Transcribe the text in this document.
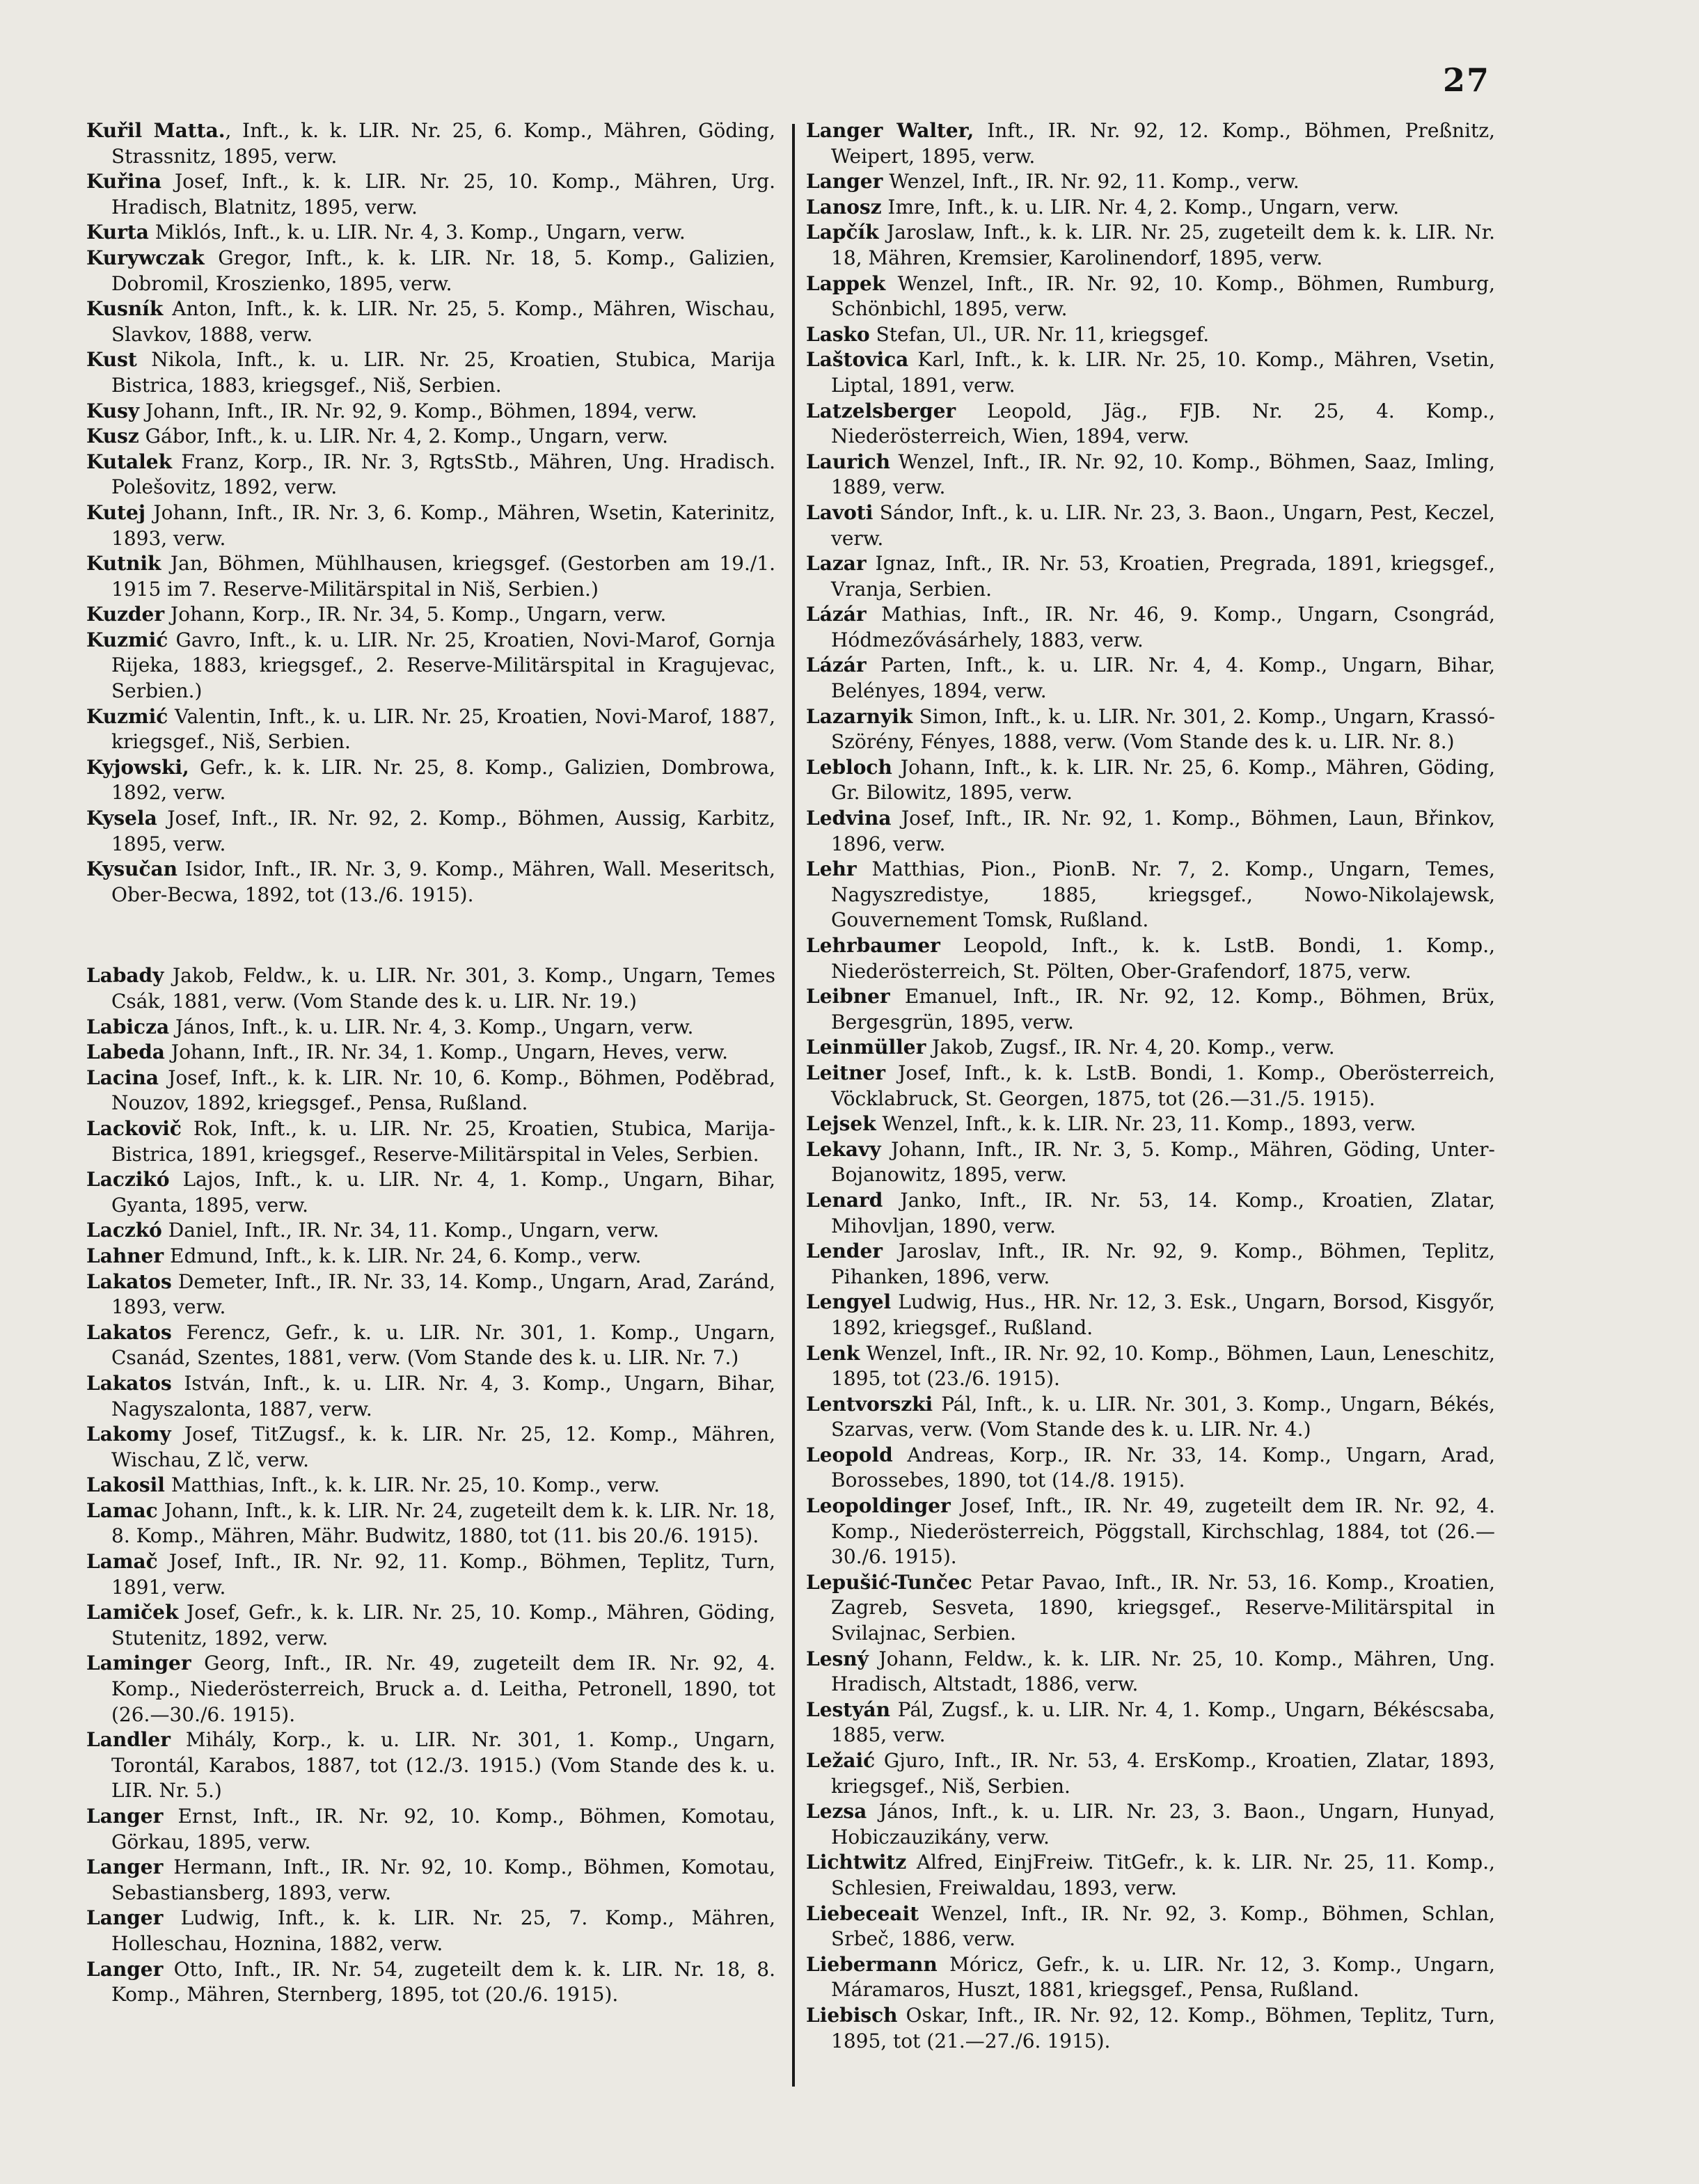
27
Kuřil Matta., Inft., k. k. LIR. Nr. 25, 6. Komp., Mähren, Göding, Strassnitz, 1895, verw.
Kuřina Josef, Inft., k. k. LIR. Nr. 25, 10. Komp., Mähren, Urg. Hradisch, Blatnitz, 1895, verw.
Kurta Miklós, Inft., k. u. LIR. Nr. 4, 3. Komp., Ungarn, verw.
Kurywczak Gregor, Inft., k. k. LIR. Nr. 18, 5. Komp., Galizien, Dobromil, Kroszienko, 1895, verw.
Kusník Anton, Inft., k. k. LIR. Nr. 25, 5. Komp., Mähren, Wischau, Slavkov, 1888, verw.
Kust Nikola, Inft., k. u. LIR. Nr. 25, Kroatien, Stubica, Marija Bistrica, 1883, kriegsgef., Niš, Serbien.
Kusy Johann, Inft., IR. Nr. 92, 9. Komp., Böhmen, 1894, verw.
Kusz Gábor, Inft., k. u. LIR. Nr. 4, 2. Komp., Ungarn, verw.
Kutalek Franz, Korp., IR. Nr. 3, RgtsStb., Mähren, Ung. Hradisch. Polešovitz, 1892, verw.
Kutej Johann, Inft., IR. Nr. 3, 6. Komp., Mähren, Wsetin, Katerinitz, 1893, verw.
Kutnik Jan, Böhmen, Mühlhausen, kriegsgef. (Gestorben am 19./1. 1915 im 7. Reserve-Militärspital in Niš, Serbien.)
Kuzder Johann, Korp., IR. Nr. 34, 5. Komp., Ungarn, verw.
Kuzmić Gavro, Inft., k. u. LIR. Nr. 25, Kroatien, Novi-Marof, Gornja Rijeka, 1883, kriegsgef., 2. Reserve-Militärspital in Kragujevac, Serbien.)
Kuzmić Valentin, Inft., k. u. LIR. Nr. 25, Kroatien, Novi-Marof, 1887, kriegsgef., Niš, Serbien.
Kyjowski, Gefr., k. k. LIR. Nr. 25, 8. Komp., Galizien, Dombrowa, 1892, verw.
Kysela Josef, Inft., IR. Nr. 92, 2. Komp., Böhmen, Aussig, Karbitz, 1895, verw.
Kysučan Isidor, Inft., IR. Nr. 3, 9. Komp., Mähren, Wall. Meseritsch, Ober-Becwa, 1892, tot (13./6. 1915).
Labady Jakob, Feldw., k. u. LIR. Nr. 301, 3. Komp., Ungarn, Temes Csák, 1881, verw. (Vom Stande des k. u. LIR. Nr. 19.)
Labicza János, Inft., k. u. LIR. Nr. 4, 3. Komp., Ungarn, verw.
Labeda Johann, Inft., IR. Nr. 34, 1. Komp., Ungarn, Heves, verw.
Lacina Josef, Inft., k. k. LIR. Nr. 10, 6. Komp., Böhmen, Poděbrad, Nouzov, 1892, kriegsgef., Pensa, Rußland.
Lackovič Rok, Inft., k. u. LIR. Nr. 25, Kroatien, Stubica, Marija-Bistrica, 1891, kriegsgef., Reserve-Militärspital in Veles, Serbien.
Laczikó Lajos, Inft., k. u. LIR. Nr. 4, 1. Komp., Ungarn, Bihar, Gyanta, 1895, verw.
Laczkó Daniel, Inft., IR. Nr. 34, 11. Komp., Ungarn, verw.
Lahner Edmund, Inft., k. k. LIR. Nr. 24, 6. Komp., verw.
Lakatos Demeter, Inft., IR. Nr. 33, 14. Komp., Ungarn, Arad, Zaránd, 1893, verw.
Lakatos Ferencz, Gefr., k. u. LIR. Nr. 301, 1. Komp., Ungarn, Csanád, Szentes, 1881, verw. (Vom Stande des k. u. LIR. Nr. 7.)
Lakatos István, Inft., k. u. LIR. Nr. 4, 3. Komp., Ungarn, Bihar, Nagyszalonta, 1887, verw.
Lakomy Josef, TitZugsf., k. k. LIR. Nr. 25, 12. Komp., Mähren, Wischau, Z lč, verw.
Lakosil Matthias, Inft., k. k. LIR. Nr. 25, 10. Komp., verw.
Lamac Johann, Inft., k. k. LIR. Nr. 24, zugeteilt dem k. k. LIR. Nr. 18, 8. Komp., Mähren, Mähr. Budwitz, 1880, tot (11. bis 20./6. 1915).
Lamač Josef, Inft., IR. Nr. 92, 11. Komp., Böhmen, Teplitz, Turn, 1891, verw.
Lamiček Josef, Gefr., k. k. LIR. Nr. 25, 10. Komp., Mähren, Göding, Stutenitz, 1892, verw.
Laminger Georg, Inft., IR. Nr. 49, zugeteilt dem IR. Nr. 92, 4. Komp., Niederösterreich, Bruck a. d. Leitha, Petronell, 1890, tot (26.—30./6. 1915).
Landler Mihály, Korp., k. u. LIR. Nr. 301, 1. Komp., Ungarn, Torontál, Karabos, 1887, tot (12./3. 1915.) (Vom Stande des k. u. LIR. Nr. 5.)
Langer Ernst, Inft., IR. Nr. 92, 10. Komp., Böhmen, Komotau, Görkau, 1895, verw.
Langer Hermann, Inft., IR. Nr. 92, 10. Komp., Böhmen, Komotau, Sebastiansberg, 1893, verw.
Langer Ludwig, Inft., k. k. LIR. Nr. 25, 7. Komp., Mähren, Holleschau, Hoznina, 1882, verw.
Langer Otto, Inft., IR. Nr. 54, zugeteilt dem k. k. LIR. Nr. 18, 8. Komp., Mähren, Sternberg, 1895, tot (20./6. 1915).
Langer Walter, Inft., IR. Nr. 92, 12. Komp., Böhmen, Preßnitz, Weipert, 1895, verw.
Langer Wenzel, Inft., IR. Nr. 92, 11. Komp., verw.
Lanosz Imre, Inft., k. u. LIR. Nr. 4, 2. Komp., Ungarn, verw.
Lapčík Jaroslaw, Inft., k. k. LIR. Nr. 25, zugeteilt dem k. k. LIR. Nr. 18, Mähren, Kremsier, Karolinendorf, 1895, verw.
Lappek Wenzel, Inft., IR. Nr. 92, 10. Komp., Böhmen, Rumburg, Schönbichl, 1895, verw.
Lasko Stefan, Ul., UR. Nr. 11, kriegsgef.
Laštovica Karl, Inft., k. k. LIR. Nr. 25, 10. Komp., Mähren, Vsetin, Liptal, 1891, verw.
Latzelsberger Leopold, Jäg., FJB. Nr. 25, 4. Komp., Niederösterreich, Wien, 1894, verw.
Laurich Wenzel, Inft., IR. Nr. 92, 10. Komp., Böhmen, Saaz, Imling, 1889, verw.
Lavoti Sándor, Inft., k. u. LIR. Nr. 23, 3. Baon., Ungarn, Pest, Keczel, verw.
Lazar Ignaz, Inft., IR. Nr. 53, Kroatien, Pregrada, 1891, kriegsgef., Vranja, Serbien.
Lázár Mathias, Inft., IR. Nr. 46, 9. Komp., Ungarn, Csongrád, Hódmezővásárhely, 1883, verw.
Lázár Parten, Inft., k. u. LIR. Nr. 4, 4. Komp., Ungarn, Bihar, Belényes, 1894, verw.
Lazarnyik Simon, Inft., k. u. LIR. Nr. 301, 2. Komp., Ungarn, Krassó-Szörény, Fényes, 1888, verw. (Vom Stande des k. u. LIR. Nr. 8.)
Lebloch Johann, Inft., k. k. LIR. Nr. 25, 6. Komp., Mähren, Göding, Gr. Bilowitz, 1895, verw.
Ledvina Josef, Inft., IR. Nr. 92, 1. Komp., Böhmen, Laun, Břinkov, 1896, verw.
Lehr Matthias, Pion., PionB. Nr. 7, 2. Komp., Ungarn, Temes, Nagyszredistye, 1885, kriegsgef., Nowo-Nikolajewsk, Gouvernement Tomsk, Rußland.
Lehrbaumer Leopold, Inft., k. k. LstB. Bondi, 1. Komp., Niederösterreich, St. Pölten, Ober-Grafendorf, 1875, verw.
Leibner Emanuel, Inft., IR. Nr. 92, 12. Komp., Böhmen, Brüx, Bergesgrün, 1895, verw.
Leinmüller Jakob, Zugsf., IR. Nr. 4, 20. Komp., verw.
Leitner Josef, Inft., k. k. LstB. Bondi, 1. Komp., Oberösterreich, Vöcklabruck, St. Georgen, 1875, tot (26.—31./5. 1915).
Lejsek Wenzel, Inft., k. k. LIR. Nr. 23, 11. Komp., 1893, verw.
Lekavy Johann, Inft., IR. Nr. 3, 5. Komp., Mähren, Göding, Unter-Bojanowitz, 1895, verw.
Lenard Janko, Inft., IR. Nr. 53, 14. Komp., Kroatien, Zlatar, Mihovljan, 1890, verw.
Lender Jaroslav, Inft., IR. Nr. 92, 9. Komp., Böhmen, Teplitz, Pihanken, 1896, verw.
Lengyel Ludwig, Hus., HR. Nr. 12, 3. Esk., Ungarn, Borsod, Kisgyőr, 1892, kriegsgef., Rußland.
Lenk Wenzel, Inft., IR. Nr. 92, 10. Komp., Böhmen, Laun, Leneschitz, 1895, tot (23./6. 1915).
Lentvorszki Pál, Inft., k. u. LIR. Nr. 301, 3. Komp., Ungarn, Békés, Szarvas, verw. (Vom Stande des k. u. LIR. Nr. 4.)
Leopold Andreas, Korp., IR. Nr. 33, 14. Komp., Ungarn, Arad, Borossebes, 1890, tot (14./8. 1915).
Leopoldinger Josef, Inft., IR. Nr. 49, zugeteilt dem IR. Nr. 92, 4. Komp., Niederösterreich, Pöggstall, Kirchschlag, 1884, tot (26.—30./6. 1915).
Lepušić-Tunčec Petar Pavao, Inft., IR. Nr. 53, 16. Komp., Kroatien, Zagreb, Sesveta, 1890, kriegsgef., Reserve-Militärspital in Svilajnac, Serbien.
Lesný Johann, Feldw., k. k. LIR. Nr. 25, 10. Komp., Mähren, Ung. Hradisch, Altstadt, 1886, verw.
Lestyán Pál, Zugsf., k. u. LIR. Nr. 4, 1. Komp., Ungarn, Békéscsaba, 1885, verw.
Ležaić Gjuro, Inft., IR. Nr. 53, 4. ErsKomp., Kroatien, Zlatar, 1893, kriegsgef., Niš, Serbien.
Lezsa János, Inft., k. u. LIR. Nr. 23, 3. Baon., Ungarn, Hunyad, Hobiczauzikány, verw.
Lichtwitz Alfred, EinjFreiw. TitGefr., k. k. LIR. Nr. 25, 11. Komp., Schlesien, Freiwaldau, 1893, verw.
Liebeceait Wenzel, Inft., IR. Nr. 92, 3. Komp., Böhmen, Schlan, Srbeč, 1886, verw.
Liebermann Móricz, Gefr., k. u. LIR. Nr. 12, 3. Komp., Ungarn, Máramaros, Huszt, 1881, kriegsgef., Pensa, Rußland.
Liebisch Oskar, Inft., IR. Nr. 92, 12. Komp., Böhmen, Teplitz, Turn, 1895, tot (21.—27./6. 1915).
